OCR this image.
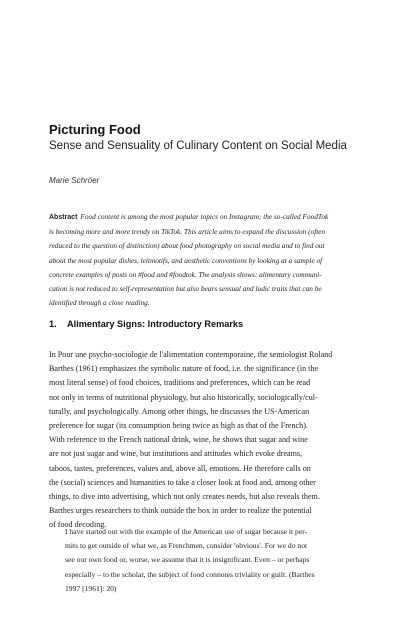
Picturing Food
Sense and Sensuality of Culinary Content on Social Media
Marie Schröer
Abstract Food content is among the most popular topics on Instagram; the so-called FoodTok
is becoming more and more trendy on TikTok. This article aims to expand the discussion (often
reduced to the question of distinction) about food photography on social media and to find out
about the most popular dishes, leitmotifs, and aesthetic conventions by looking at a sample of
concrete examples of posts on #food and #foodtok. The analysis shows: alimentary communi-
cation is not reduced to self-representation but also bears sensual and ludic traits that can be
identified through a close reading.
1. Alimentary Signs: Introductory Remarks
In Pour une psycho-sociologie de l'alimentation contemporaine, the semiologist Roland
Barthes (1961) emphasizes the symbolic nature of food, i.e. the significance (in the
most literal sense) of food choices, traditions and preferences, which can be read
not only in terms of nutritional physiology, but also historically, sociologically/cul-
turally, and psychologically. Among other things, he discusses the US-American
preference for sugar (its consumption being twice as high as that of the French).
With reference to the French national drink, wine, he shows that sugar and wine
are not just sugar and wine, but institutions and attitudes which evoke dreams,
taboos, tastes, preferences, values and, above all, emotions. He therefore calls on
the (social) sciences and humanities to take a closer look at food and, among other
things, to dive into advertising, which not only creates needs, but also reveals them.
Barthes urges researchers to think outside the box in order to realize the potential
of food decoding.
I have started out with the example of the American use of sugar because it per-
mits to get outside of what we, as Frenchmen, consider 'obvious'. For we do not
see our own food or, worse, we assume that it is insignificant. Even – or perhaps
especially – to the scholar, the subject of food connotes triviality or guilt. (Barthes
1997 [1961]: 20)
